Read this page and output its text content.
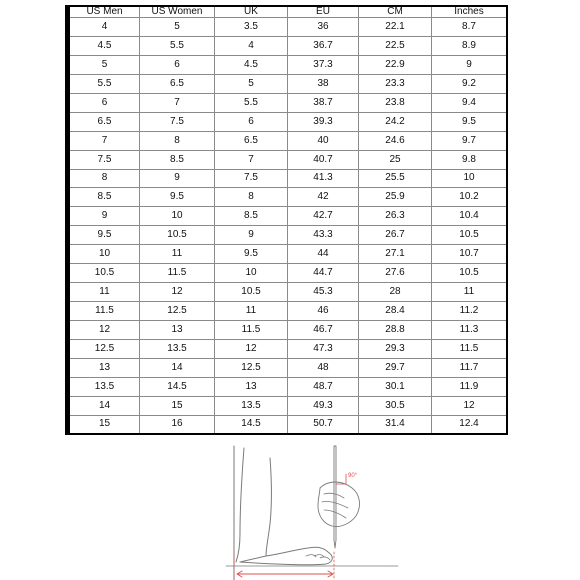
US Men	US Women	UK	EU	CM	Inches
4	5	3.5	36	22.1	8.7
4.5	5.5	4	36.7	22.5	8.9
5	6	4.5	37.3	22.9	9
5.5	6.5	5	38	23.3	9.2
6	7	5.5	38.7	23.8	9.4
6.5	7.5	6	39.3	24.2	9.5
7	8	6.5	40	24.6	9.7
7.5	8.5	7	40.7	25	9.8
8	9	7.5	41.3	25.5	10
8.5	9.5	8	42	25.9	10.2
9	10	8.5	42.7	26.3	10.4
9.5	10.5	9	43.3	26.7	10.5
10	11	9.5	44	27.1	10.7
10.5	11.5	10	44.7	27.6	10.5
11	12	10.5	45.3	28	11
11.5	12.5	11	46	28.4	11.2
12	13	11.5	46.7	28.8	11.3
12.5	13.5	12	47.3	29.3	11.5
13	14	12.5	48	29.7	11.7
13.5	14.5	13	48.7	30.1	11.9
14	15	13.5	49.3	30.5	12
15	16	14.5	50.7	31.4	12.4
90°
